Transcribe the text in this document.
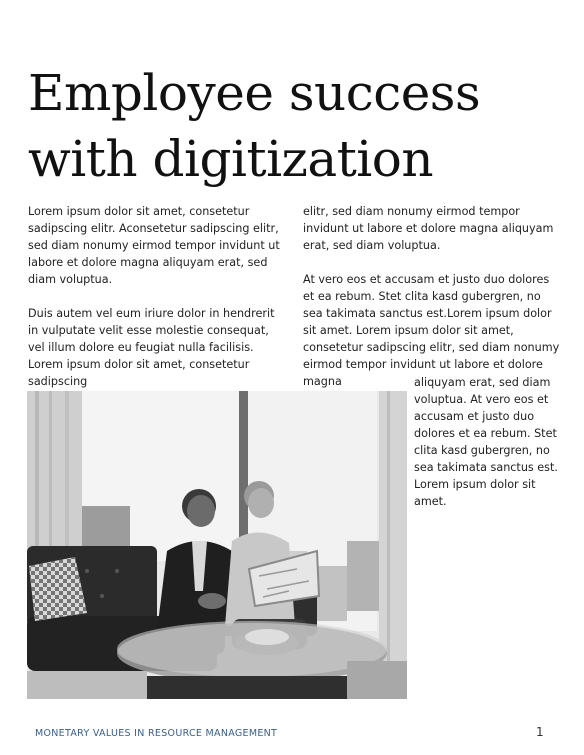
Employee success with digitization

Lorem ipsum dolor sit amet, consetetur sadipscing elitr. Aconsetetur sadipscing elitr, sed diam nonumy eirmod tempor invidunt ut labore et dolore magna aliquyam erat, sed diam voluptua.

Duis autem vel eum iriure dolor in hendrerit in vulputate velit esse molestie consequat, vel illum dolore eu feugiat nulla facilisis. Lorem ipsum dolor sit amet, consetetur sadipscing

elitr, sed diam nonumy eirmod tempor invidunt ut labore et dolore magna aliquyam erat, sed diam voluptua.

At vero eos et accusam et justo duo dolores et ea rebum. Stet clita kasd gubergren, no sea takimata sanctus est.Lorem ipsum dolor sit amet. Lorem ipsum dolor sit amet, consetetur sadipscing elitr, sed diam nonumy eirmod tempor invidunt ut labore et dolore magna	aliquyam erat, sed diam voluptua. At vero eos et accusam et justo duo dolores et ea rebum. Stet clita kasd gubergren, no sea takimata sanctus est. Lorem ipsum dolor sit amet.

MONETARY VALUES IN RESOURCE MANAGEMENT	1
